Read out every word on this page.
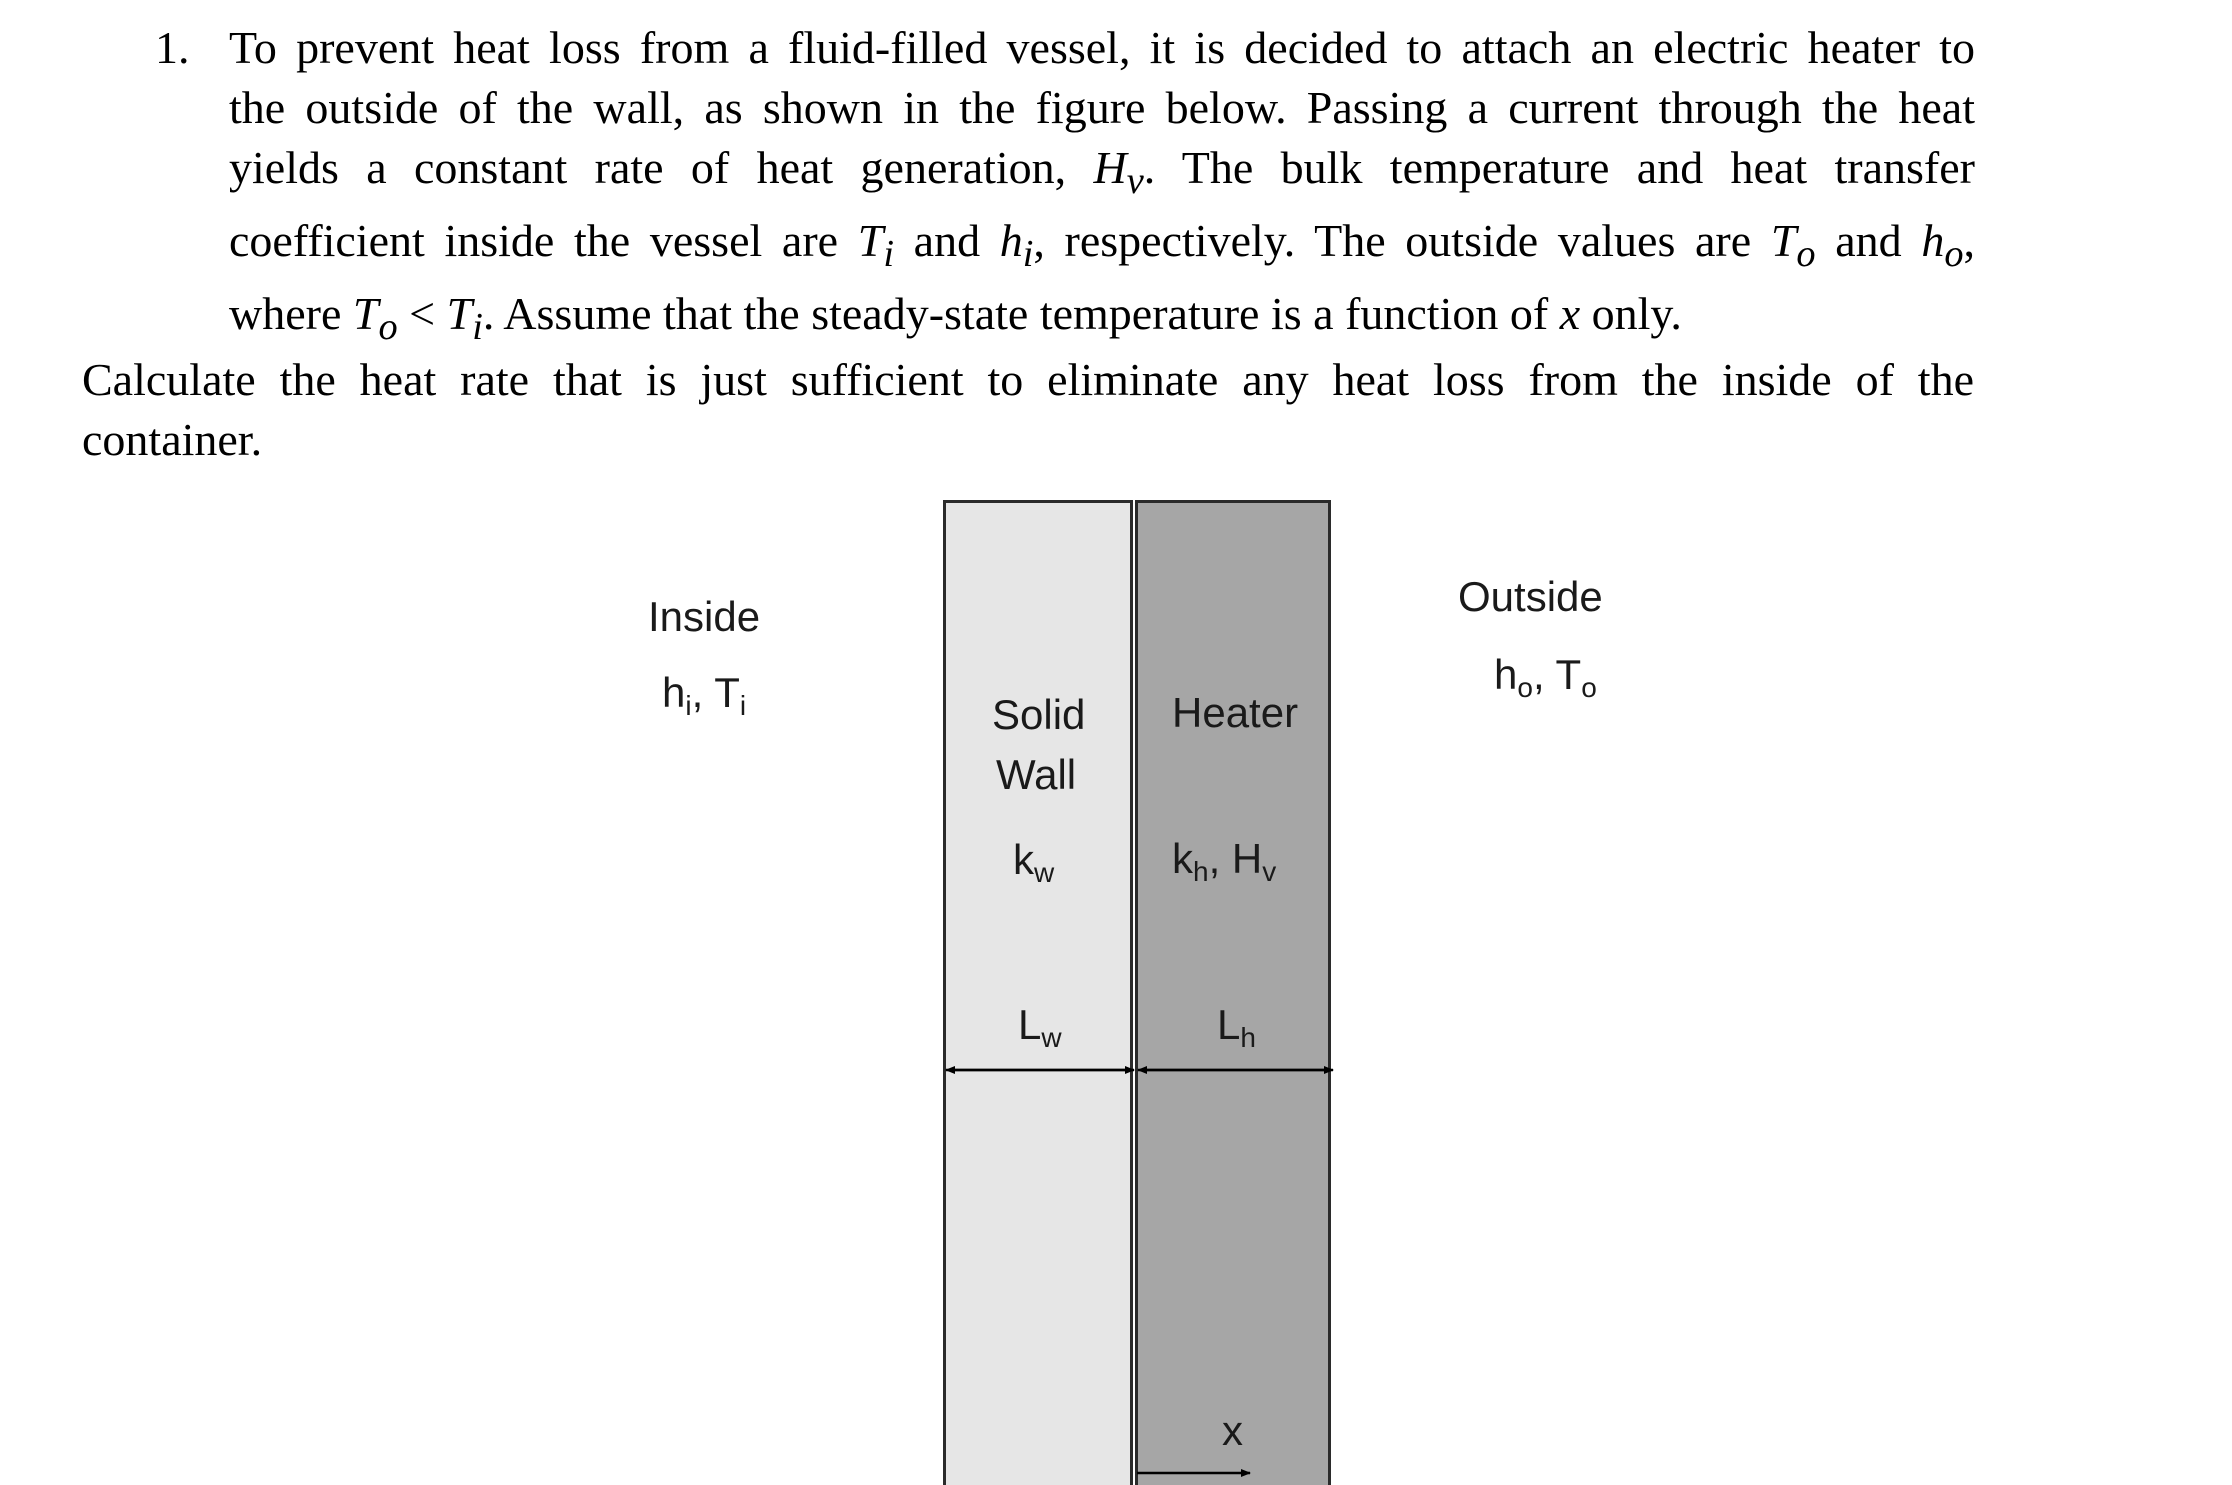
1. To prevent heat loss from a fluid-filled vessel, it is decided to attach an electric heater to
the outside of the wall, as shown in the figure below. Passing a current through the heat
yields a constant rate of heat generation, $H_v$. The bulk temperature and heat transfer
coefficient inside the vessel are $T_i$ and $h_i$, respectively. The outside values are $T_o$ and $h_o$,
where $T_o < T_i$. Assume that the steady-state temperature is a function of x only.
Calculate the heat rate that is just sufficient to eliminate any heat loss from the inside of the
container.
Inside
$h_i$, $T_i$
Outside
$h_o$, $T_o$
Solid
Wall
$k_w$
$L_w$
Heater
$k_h$, $H_v$
$L_h$
x
